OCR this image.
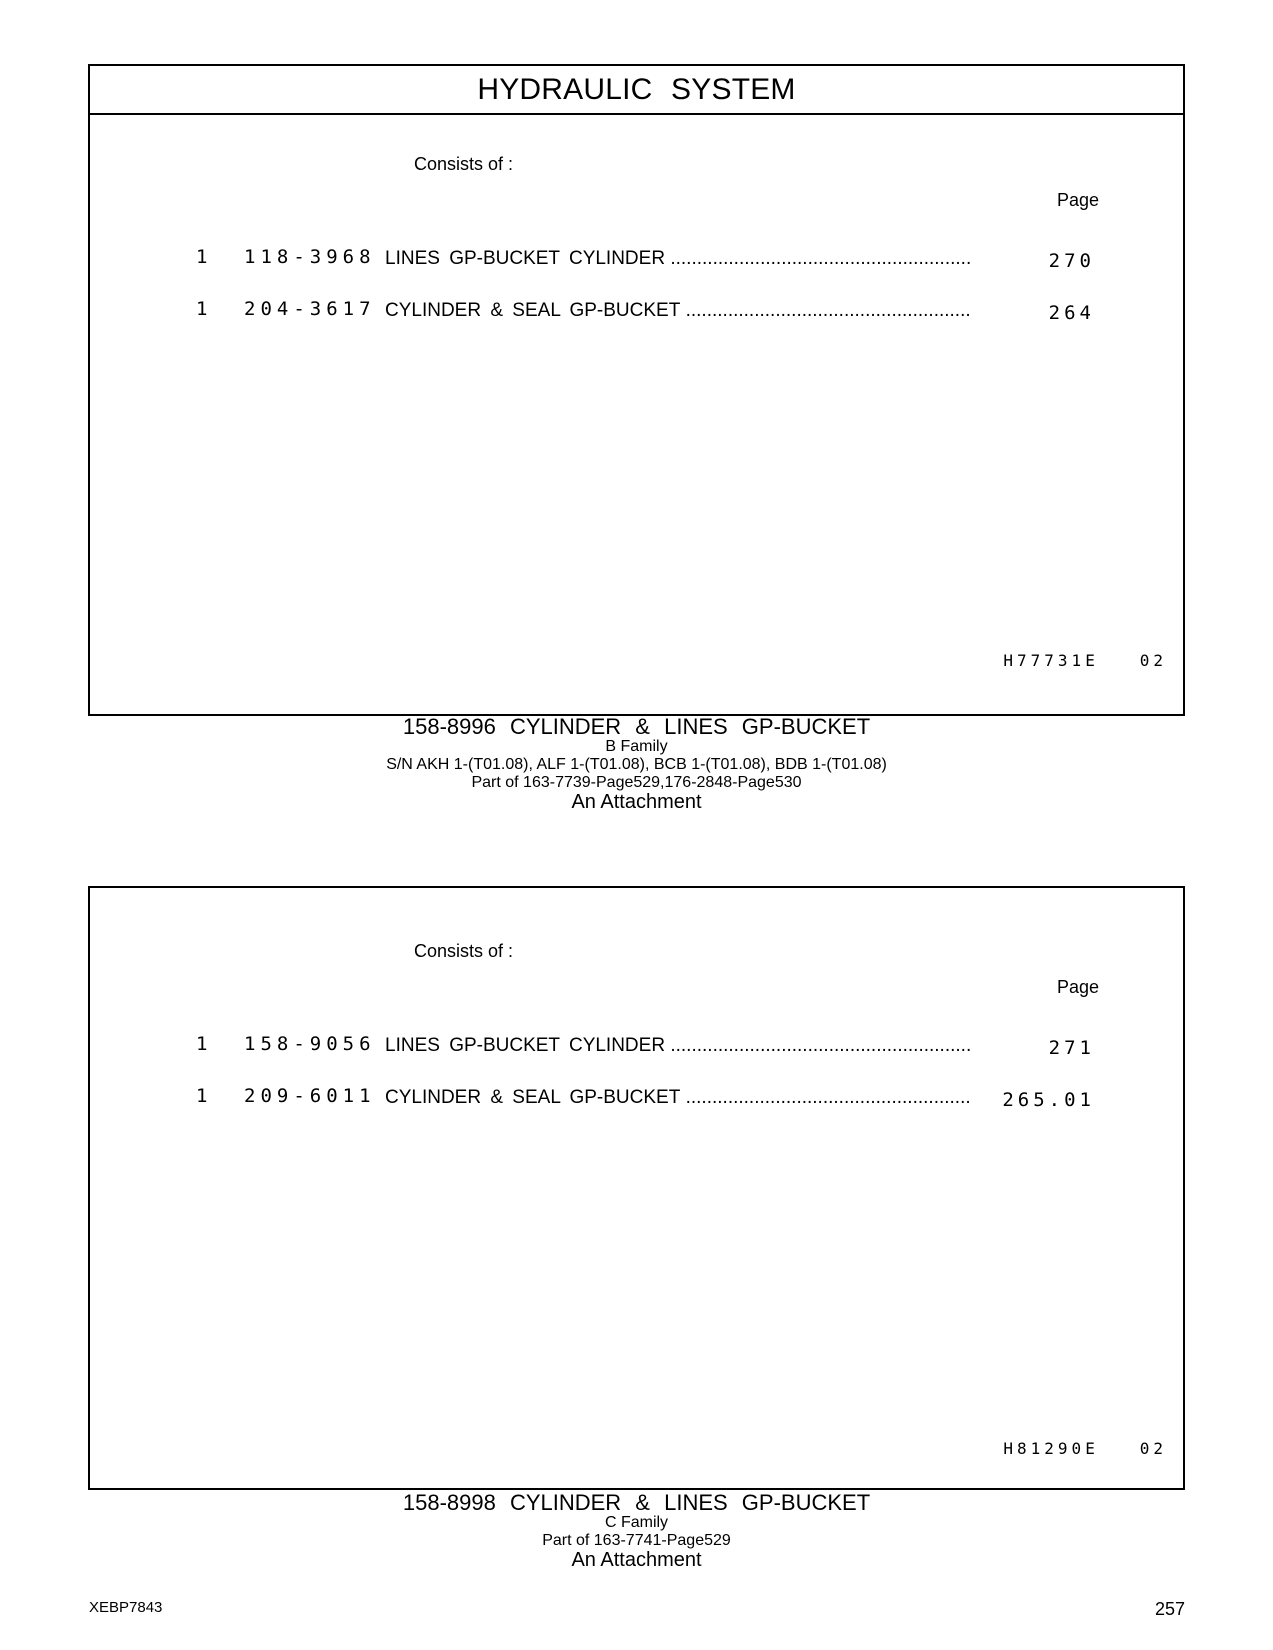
HYDRAULIC SYSTEM
Consists of :
Page
1 118-3968 LINES GP-BUCKET CYLINDER .....	270
1 204-3617 CYLINDER & SEAL GP-BUCKET .....	264
H77731E	02
158-8996 CYLINDER & LINES GP-BUCKET
B Family
S/N AKH 1-(T01.08), ALF 1-(T01.08), BCB 1-(T01.08), BDB 1-(T01.08)
Part of 163-7739-Page529,176-2848-Page530
An Attachment
Consists of :
Page
1 158-9056 LINES GP-BUCKET CYLINDER .....	271
1 209-6011 CYLINDER & SEAL GP-BUCKET .....	265.01
H81290E	02
158-8998 CYLINDER & LINES GP-BUCKET
C Family
Part of 163-7741-Page529
An Attachment
XEBP7843	257
